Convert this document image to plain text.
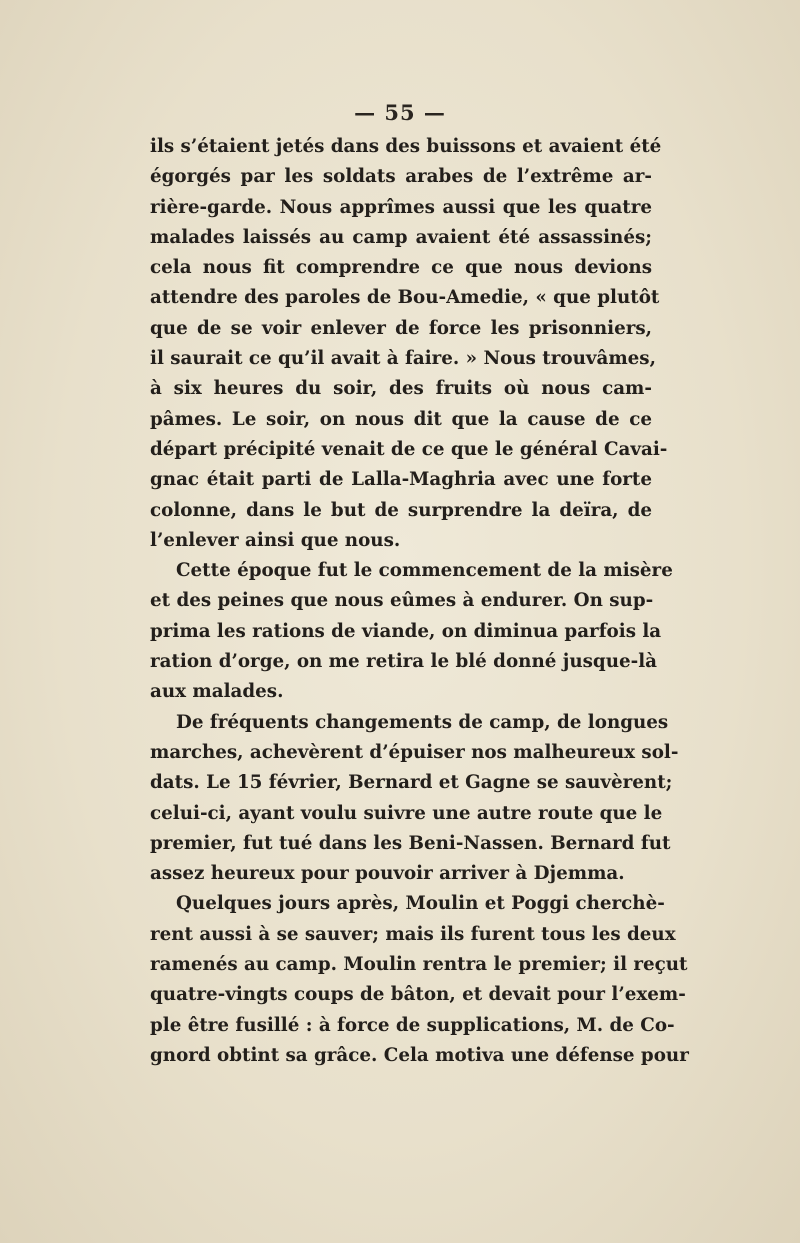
— 55 —
ils s’étaient jetés dans des buissons et avaient été
égorgés par les soldats arabes de l’extrême ar-
rière-garde. Nous apprîmes aussi que les quatre
malades laissés au camp avaient été assassinés;
cela nous fit comprendre ce que nous devions
attendre des paroles de Bou-Amedie, « que plutôt
que de se voir enlever de force les prisonniers,
il saurait ce qu’il avait à faire. » Nous trouvâmes,
à six heures du soir, des fruits où nous cam-
pâmes. Le soir, on nous dit que la cause de ce
départ précipité venait de ce que le général Cavai-
gnac était parti de Lalla-Maghria avec une forte
colonne, dans le but de surprendre la deïra, de
l’enlever ainsi que nous.
Cette époque fut le commencement de la misère
et des peines que nous eûmes à endurer. On sup-
prima les rations de viande, on diminua parfois la
ration d’orge, on me retira le blé donné jusque-là
aux malades.
De fréquents changements de camp, de longues
marches, achevèrent d’épuiser nos malheureux sol-
dats. Le 15 février, Bernard et Gagne se sauvèrent;
celui-ci, ayant voulu suivre une autre route que le
premier, fut tué dans les Beni-Nassen. Bernard fut
assez heureux pour pouvoir arriver à Djemma.
Quelques jours après, Moulin et Poggi cherchè-
rent aussi à se sauver; mais ils furent tous les deux
ramenés au camp. Moulin rentra le premier; il reçut
quatre-vingts coups de bâton, et devait pour l’exem-
ple être fusillé : à force de supplications, M. de Co-
gnord obtint sa grâce. Cela motiva une défense pour
